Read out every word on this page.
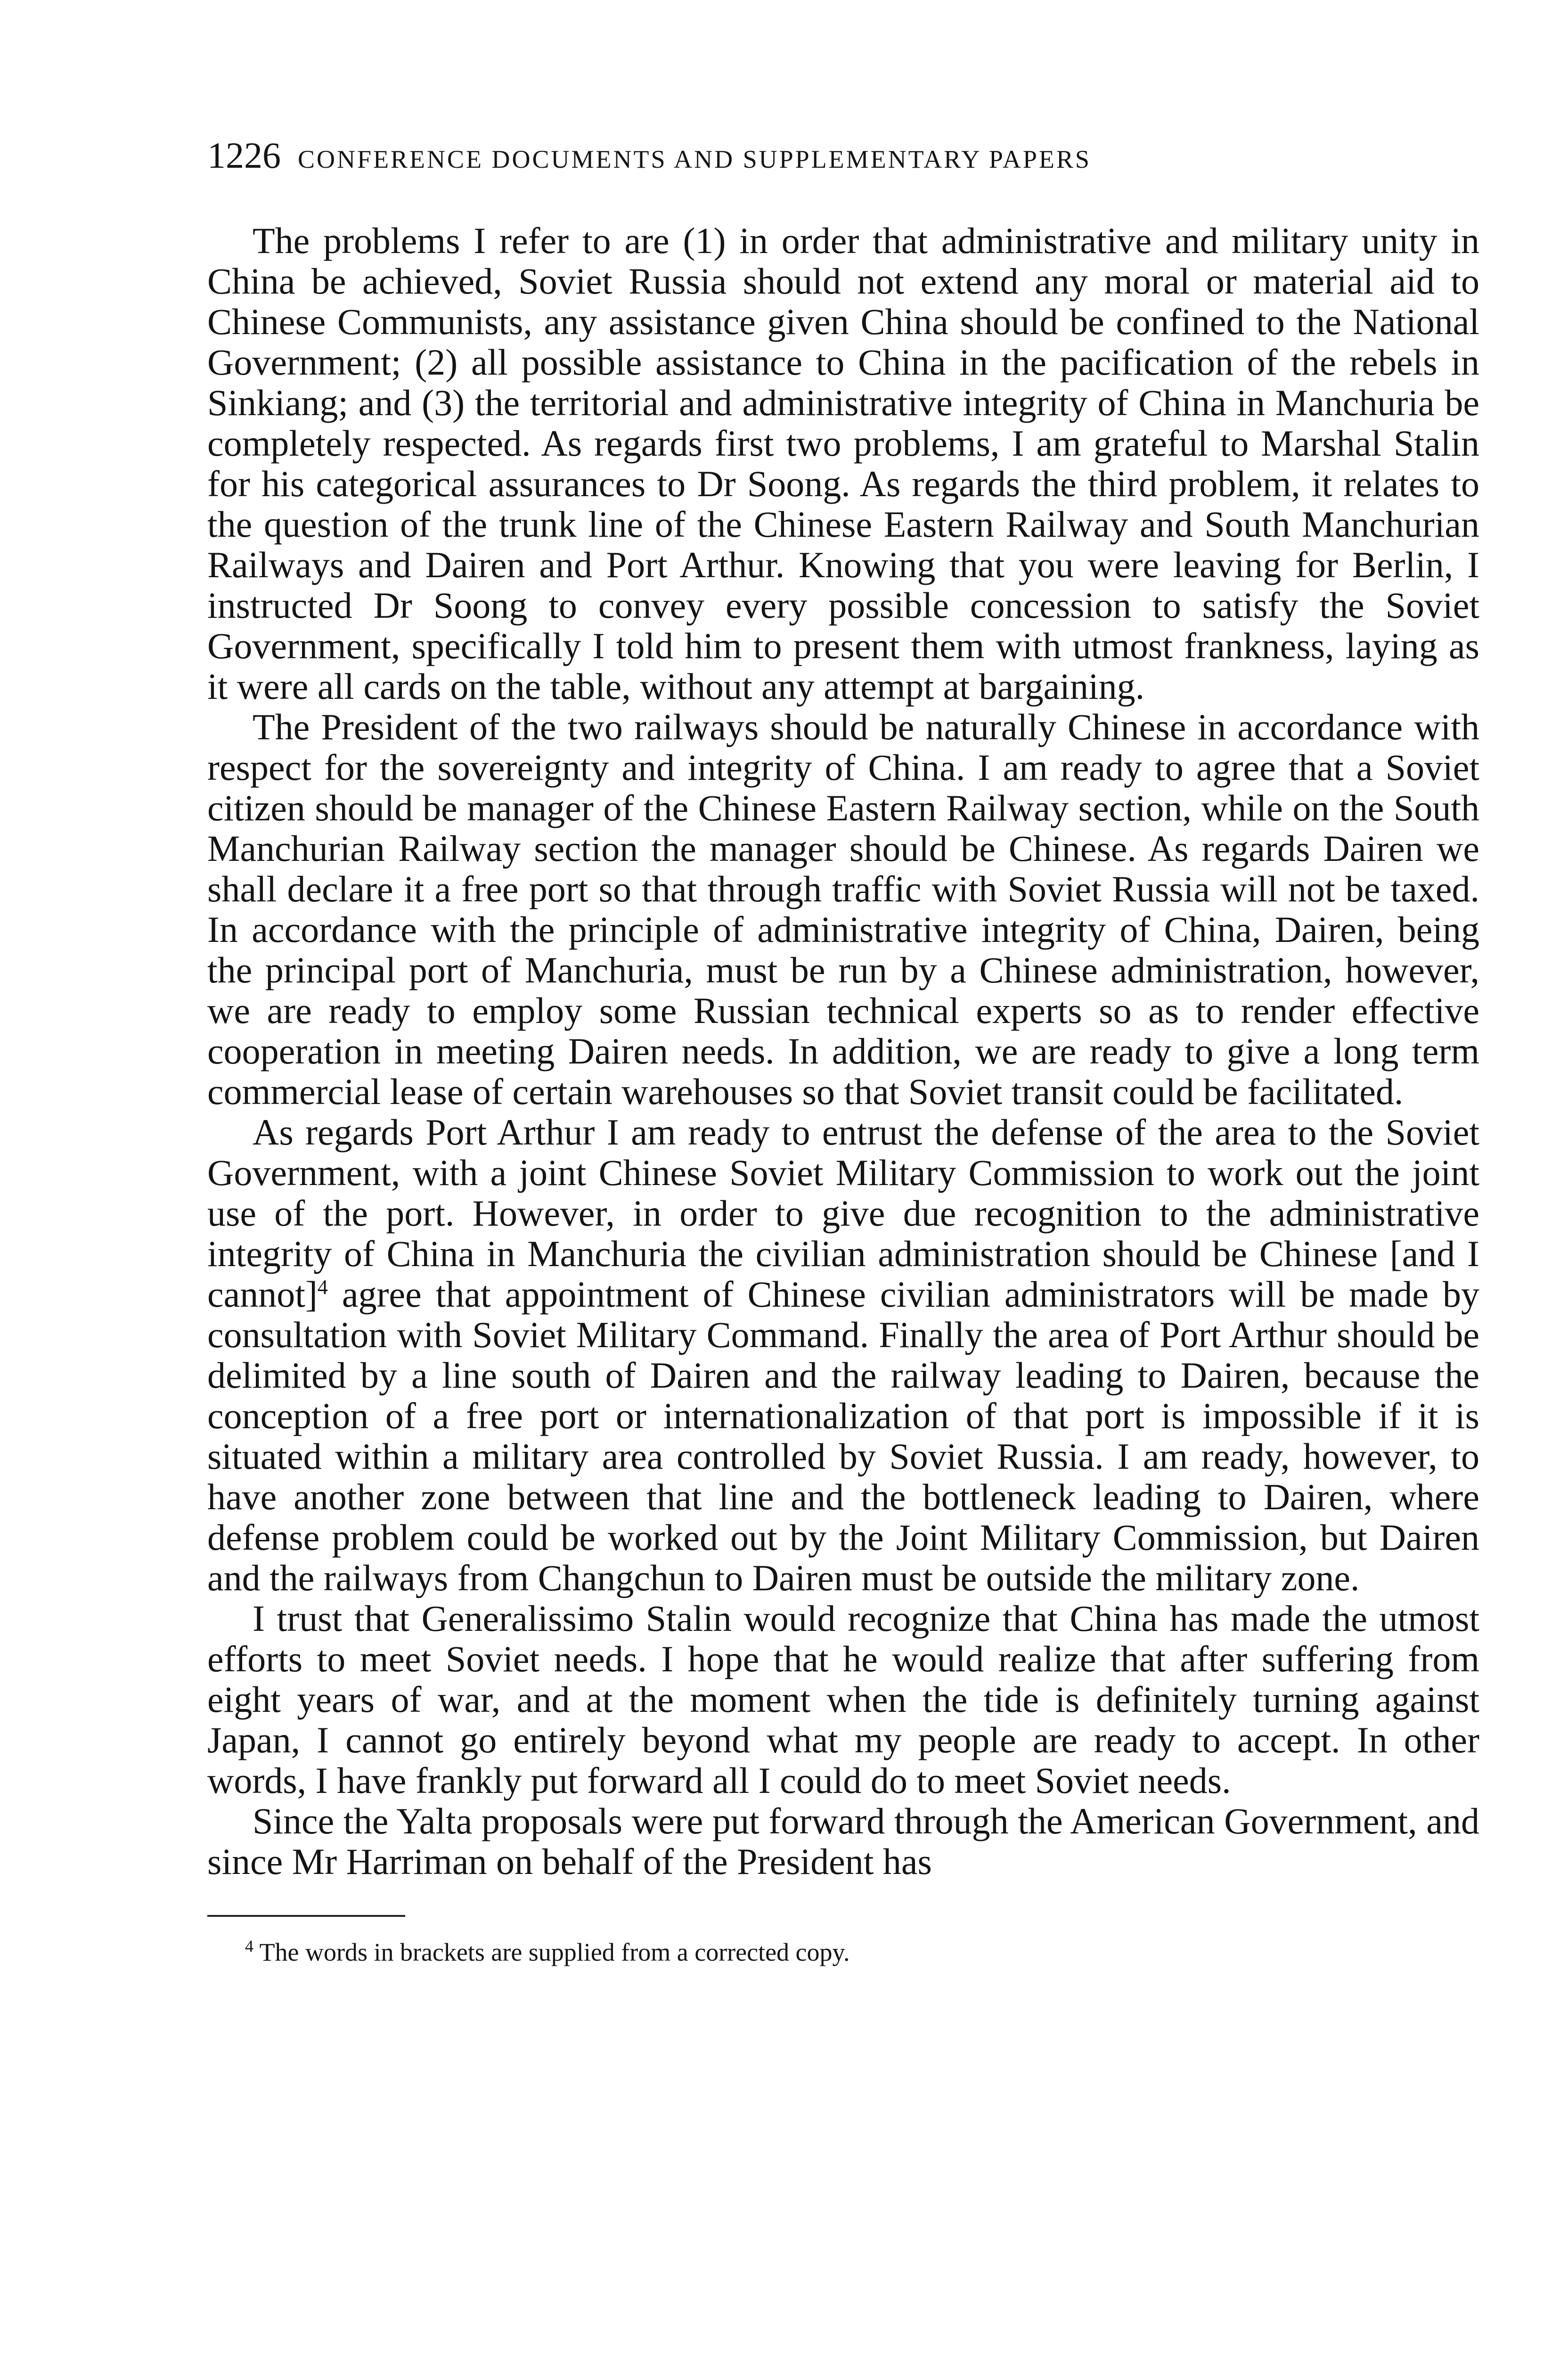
1226 CONFERENCE DOCUMENTS AND SUPPLEMENTARY PAPERS

The problems I refer to are (1) in order that administrative and military unity in China be achieved, Soviet Russia should not extend any moral or material aid to Chinese Communists, any assistance given China should be confined to the National Government; (2) all possible assistance to China in the pacification of the rebels in Sinkiang; and (3) the territorial and administrative integrity of China in Manchuria be completely respected. As regards first two problems, I am grateful to Marshal Stalin for his categorical assurances to Dr Soong. As regards the third problem, it relates to the question of the trunk line of the Chinese Eastern Railway and South Manchurian Railways and Dairen and Port Arthur. Knowing that you were leaving for Berlin, I instructed Dr Soong to convey every possible concession to satisfy the Soviet Government, specifically I told him to present them with utmost frankness, laying as it were all cards on the table, without any attempt at bargaining.

The President of the two railways should be naturally Chinese in accordance with respect for the sovereignty and integrity of China. I am ready to agree that a Soviet citizen should be manager of the Chinese Eastern Railway section, while on the South Manchurian Railway section the manager should be Chinese. As regards Dairen we shall declare it a free port so that through traffic with Soviet Russia will not be taxed. In accordance with the principle of administrative integrity of China, Dairen, being the principal port of Manchuria, must be run by a Chinese administration, however, we are ready to employ some Russian technical experts so as to render effective cooperation in meeting Dairen needs. In addition, we are ready to give a long term commercial lease of certain warehouses so that Soviet transit could be facilitated.

As regards Port Arthur I am ready to entrust the defense of the area to the Soviet Government, with a joint Chinese Soviet Military Commission to work out the joint use of the port. However, in order to give due recognition to the administrative integrity of China in Manchuria the civilian administration should be Chinese [and I cannot]$^4$ agree that appointment of Chinese civilian administrators will be made by consultation with Soviet Military Command. Finally the area of Port Arthur should be delimited by a line south of Dairen and the railway leading to Dairen, because the conception of a free port or internationalization of that port is impossible if it is situated within a military area controlled by Soviet Russia. I am ready, however, to have another zone between that line and the bottleneck leading to Dairen, where defense problem could be worked out by the Joint Military Commission, but Dairen and the railways from Changchun to Dairen must be outside the military zone.

I trust that Generalissimo Stalin would recognize that China has made the utmost efforts to meet Soviet needs. I hope that he would realize that after suffering from eight years of war, and at the moment when the tide is definitely turning against Japan, I cannot go entirely beyond what my people are ready to accept. In other words, I have frankly put forward all I could do to meet Soviet needs.

Since the Yalta proposals were put forward through the American Government, and since Mr Harriman on behalf of the President has

$^4$ The words in brackets are supplied from a corrected copy.
